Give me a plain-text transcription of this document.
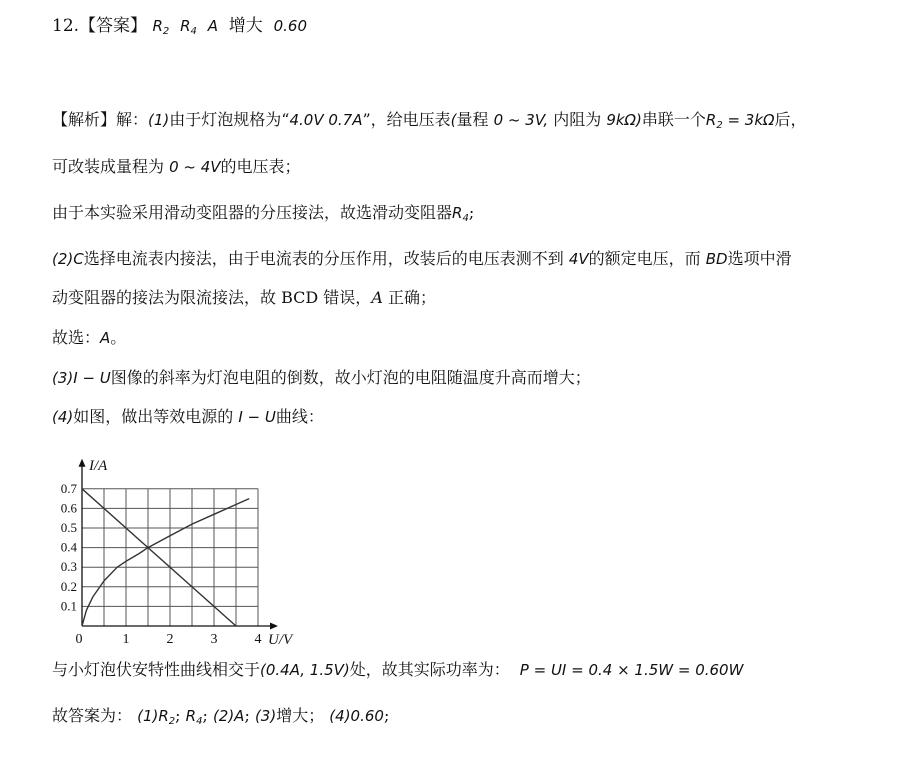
12.【答案】 $R_2$ $R_4$ A 增大 0.60
【解析】解：(1)由于灯泡规格为“4.0V 0.7A”，给电压表(量程 0 ~ 3V, 内阻为 9kΩ)串联一个$R_2 = 3k\Omega$后，
可改装成量程为 0 ~ 4V的电压表；
由于本实验采用滑动变阻器的分压接法，故选滑动变阻器$R_4$;
(2)C选择电流表内接法，由于电流表的分压作用，改装后的电压表测不到 4V的额定电压，而 BD选项中滑
动变阻器的接法为限流接法，故 BCD 错误，A 正确；
故选：A。
(3)I − U图像的斜率为灯泡电阻的倒数，故小灯泡的电阻随温度升高而增大；
(4)如图，做出等效电源的 I − U曲线：
I/A
U/V
0	1	2	3	4
0.1
0.2
0.3
0.4
0.5
0.6
0.7
与小灯泡伏安特性曲线相交于(0.4A, 1.5V)处，故其实际功率为： P = UI = 0.4 × 1.5W = 0.60W
故答案为： $(1)R_2$; $R_4$; (2)A; (3)增大； (4)0.60;
